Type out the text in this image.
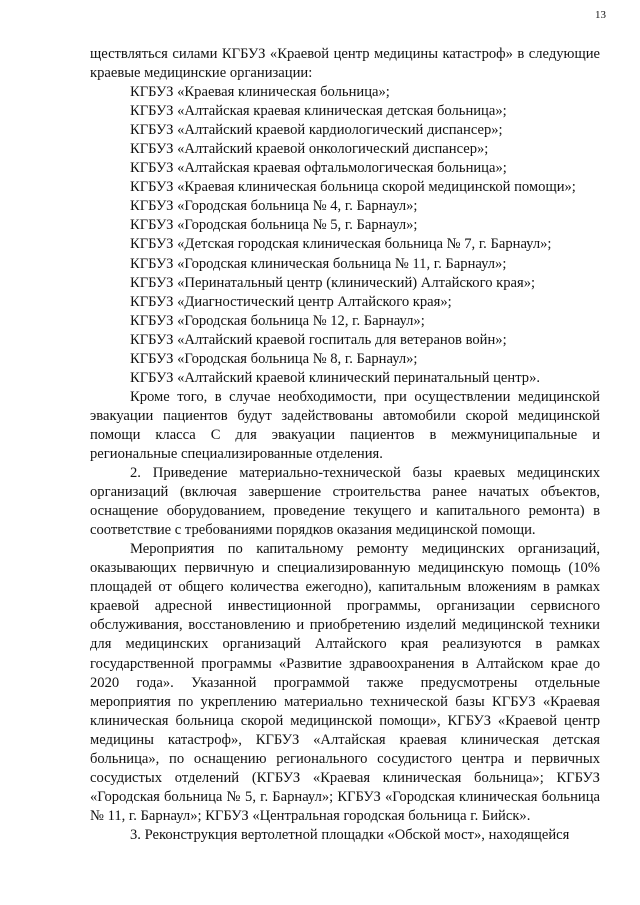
13

ществляться силами КГБУЗ «Краевой центр медицины катастроф» в следующие краевые медицинские организации:

КГБУЗ «Краевая клиническая больница»;

КГБУЗ «Алтайская краевая клиническая детская больница»;

КГБУЗ «Алтайский краевой кардиологический диспансер»;

КГБУЗ «Алтайский краевой онкологический диспансер»;

КГБУЗ «Алтайская краевая офтальмологическая больница»;

КГБУЗ «Краевая клиническая больница скорой медицинской помощи»;

КГБУЗ «Городская больница № 4, г. Барнаул»;

КГБУЗ «Городская больница № 5, г. Барнаул»;

КГБУЗ «Детская городская клиническая больница № 7, г. Барнаул»;

КГБУЗ «Городская клиническая больница № 11, г. Барнаул»;

КГБУЗ «Перинатальный центр (клинический) Алтайского края»;

КГБУЗ «Диагностический центр Алтайского края»;

КГБУЗ «Городская больница № 12, г. Барнаул»;

КГБУЗ «Алтайский краевой госпиталь для ветеранов войн»;

КГБУЗ «Городская больница № 8, г. Барнаул»;

КГБУЗ «Алтайский краевой клинический перинатальный центр».

Кроме того, в случае необходимости, при осуществлении медицинской эвакуации пациентов будут задействованы автомобили скорой медицинской помощи класса С для эвакуации пациентов в межмуниципальные и региональные специализированные отделения.

2. Приведение материально-технической базы краевых медицинских организаций (включая завершение строительства ранее начатых объектов, оснащение оборудованием, проведение текущего и капитального ремонта) в соответствие с требованиями порядков оказания медицинской помощи.

Мероприятия по капитальному ремонту медицинских организаций, оказывающих первичную и специализированную медицинскую помощь (10% площадей от общего количества ежегодно), капитальным вложениям в рамках краевой адресной инвестиционной программы, организации сервисного обслуживания, восстановлению и приобретению изделий медицинской техники для медицинских организаций Алтайского края реализуются в рамках государственной программы «Развитие здравоохранения в Алтайском крае до 2020 года». Указанной программой также предусмотрены отдельные мероприятия по укреплению материально технической базы КГБУЗ «Краевая клиническая больница скорой медицинской помощи», КГБУЗ «Краевой центр медицины катастроф», КГБУЗ «Алтайская краевая клиническая детская больница», по оснащению регионального сосудистого центра и первичных сосудистых отделений (КГБУЗ «Краевая клиническая больница»; КГБУЗ «Городская больница № 5, г. Барнаул»; КГБУЗ «Городская клиническая больница № 11, г. Барнаул»; КГБУЗ «Центральная городская больница г. Бийск».

3. Реконструкция вертолетной площадки «Обской мост», находящейся
